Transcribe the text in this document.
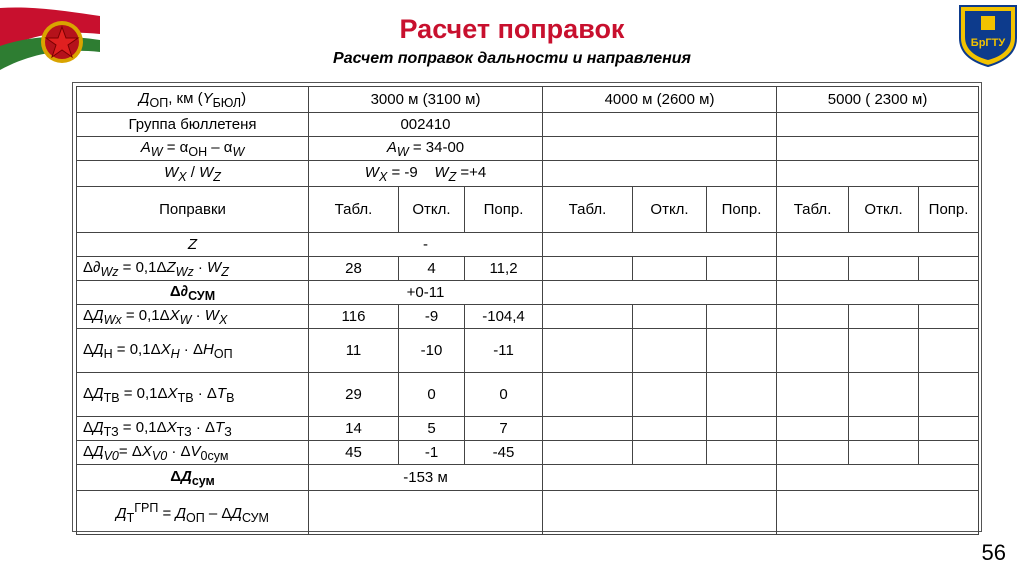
БрГТУ
Расчет поправок
Расчет поправок дальности и направления
$Д_{ОП}$, км $(Y_{БЮЛ})$	3000 м (3100 м)			4000 м (2600 м)			5000 ( 2300 м)		
Группа бюллетеня	002410								
$A_W = \alpha_{ОН} - \alpha_W$	$A_W = 34-00$								
$W_X / W_Z$	$W_X = -9$    $W_Z =+4$								
Поправки	Табл.	Откл.	Попр.	Табл.	Откл.	Попр.	Табл.	Откл.	Попр.
Z	-								
$\Delta\partial_{Wz} = 0,1\Delta Z_{Wz} \cdot W_Z$	28	4	11,2						
$\Delta\partial_{СУМ}$	+0-11								
$\Delta Д_{Wx} = 0,1\Delta X_W \cdot W_X$	116	-9	-104,4						
$\Delta Д_Н = 0,1\Delta X_H \cdot \Delta H_{ОП}$	11	-10	-11						
$\Delta Д_{ТВ} = 0,1\Delta X_{ТВ} \cdot \Delta T_В$	29	0	0						
$\Delta Д_{ТЗ} = 0,1\Delta X_{ТЗ} \cdot \Delta T_З$	14	5	7						
$\Delta Д_{V0}= \Delta X_{V0} \cdot \Delta V_{0сум}$	45	-1	-45						
$\Delta Д_{сум}$	-153 м								
$Д_Т^{ГРП} = Д_{ОП} - \Delta Д_{СУМ}$			
56
